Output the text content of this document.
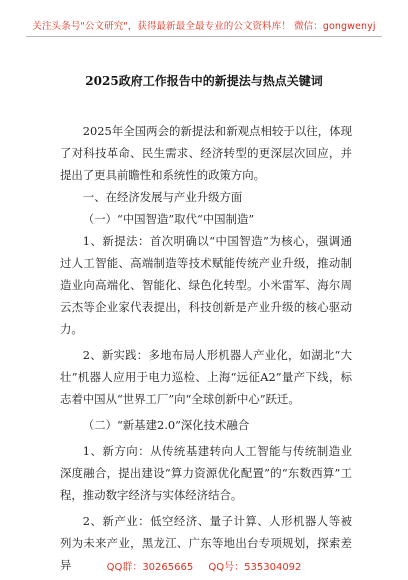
关注头条号"公文研究"，获得最新最全最专业的公文资料库！ 微信：gongwenyj
2025政府工作报告中的新提法与热点关键词

2025年全国两会的新提法和新观点相较于以往，体现了对科技革命、民生需求、经济转型的更深层次回应，并提出了更具前瞻性和系统性的政策方向。

一、在经济发展与产业升级方面

（一）“中国智造”取代“中国制造”

1、新提法：首次明确以“中国智造”为核心，强调通过人工智能、高端制造等技术赋能传统产业升级，推动制造业向高端化、智能化、绿色化转型。小米雷军、海尔周云杰等企业家代表提出，科技创新是产业升级的核心驱动力。

2、新实践：多地布局人形机器人产业化，如湖北“大壮”机器人应用于电力巡检、上海“远征A2”量产下线，标志着中国从“世界工厂”向“全球创新中心”跃迁。

（二）“新基建2.0”深化技术融合

1、新方向：从传统基建转向人工智能与传统制造业深度融合，提出建设“算力资源优化配置”的“东数西算”工程，推动数字经济与实体经济结合。

2、新产业：低空经济、量子计算、人形机器人等被列为未来产业，黑龙江、广东等地出台专项规划，探索差异	QQ群：30265665 QQ号：535304092
